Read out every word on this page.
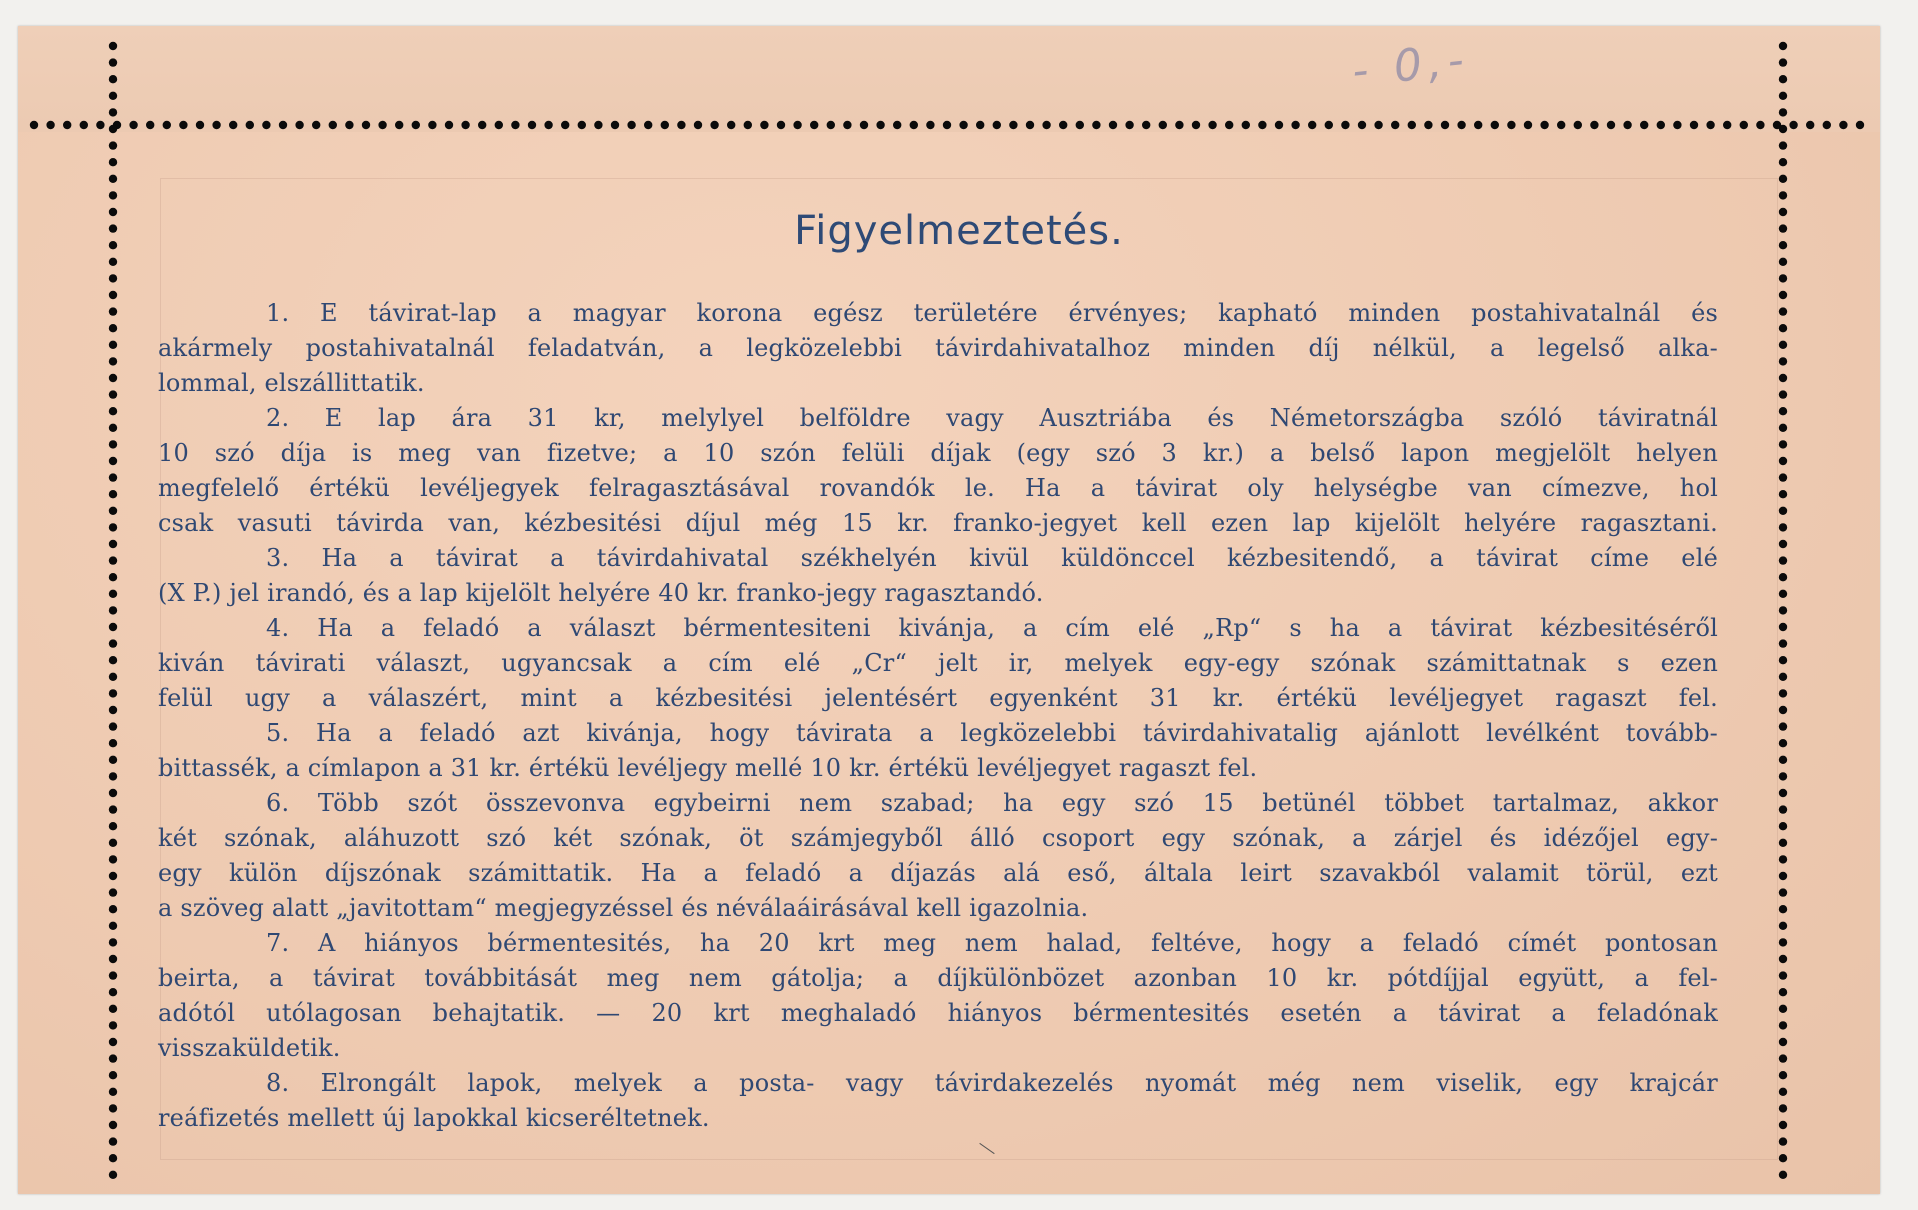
- 0,-
Figyelmeztetés.
1. E távirat-lap a magyar korona egész területére érvényes; kapható minden postahivatalnál és
akármely postahivatalnál feladatván, a legközelebbi távirdahivatalhoz minden díj nélkül, a legelső alka-
lommal, elszállittatik.
2. E lap ára 31 kr, melylyel belföldre vagy Ausztriába és Németországba szóló táviratnál
10 szó díja is meg van fizetve; a 10 szón felüli díjak (egy szó 3 kr.) a belső lapon megjelölt helyen
megfelelő értékü levéljegyek felragasztásával rovandók le. Ha a távirat oly helységbe van címezve, hol
csak vasuti távirda van, kézbesitési díjul még 15 kr. franko-jegyet kell ezen lap kijelölt helyére ragasztani.
3. Ha a távirat a távirdahivatal székhelyén kivül küldönccel kézbesitendő, a távirat címe elé
(X P.) jel irandó, és a lap kijelölt helyére 40 kr. franko-jegy ragasztandó.
4. Ha a feladó a választ bérmentesiteni kivánja, a cím elé „Rp“ s ha a távirat kézbesitéséről
kiván távirati választ, ugyancsak a cím elé „Cr“ jelt ir, melyek egy-egy szónak számittatnak s ezen
felül ugy a válaszért, mint a kézbesitési jelentésért egyenként 31 kr. értékü levéljegyet ragaszt fel.
5. Ha a feladó azt kivánja, hogy távirata a legközelebbi távirdahivatalig ajánlott levélként tovább-
bittassék, a címlapon a 31 kr. értékü levéljegy mellé 10 kr. értékü levéljegyet ragaszt fel.
6. Több szót összevonva egybeirni nem szabad; ha egy szó 15 betünél többet tartalmaz, akkor
két szónak, aláhuzott szó két szónak, öt számjegyből álló csoport egy szónak, a zárjel és idézőjel egy-
egy külön díjszónak számittatik. Ha a feladó a díjazás alá eső, általa leirt szavakból valamit törül, ezt
a szöveg alatt „javitottam“ megjegyzéssel és néválaáirásával kell igazolnia.
7. A hiányos bérmentesités, ha 20 krt meg nem halad, feltéve, hogy a feladó címét pontosan
beirta, a távirat továbbitását meg nem gátolja; a díjkülönbözet azonban 10 kr. pótdíjjal együtt, a fel-
adótól utólagosan behajtatik. — 20 krt meghaladó hiányos bérmentesités esetén a távirat a feladónak
visszaküldetik.
8. Elrongált lapok, melyek a posta- vagy távirdakezelés nyomát még nem viselik, egy krajcár
reáfizetés mellett új lapokkal kicseréltetnek.
